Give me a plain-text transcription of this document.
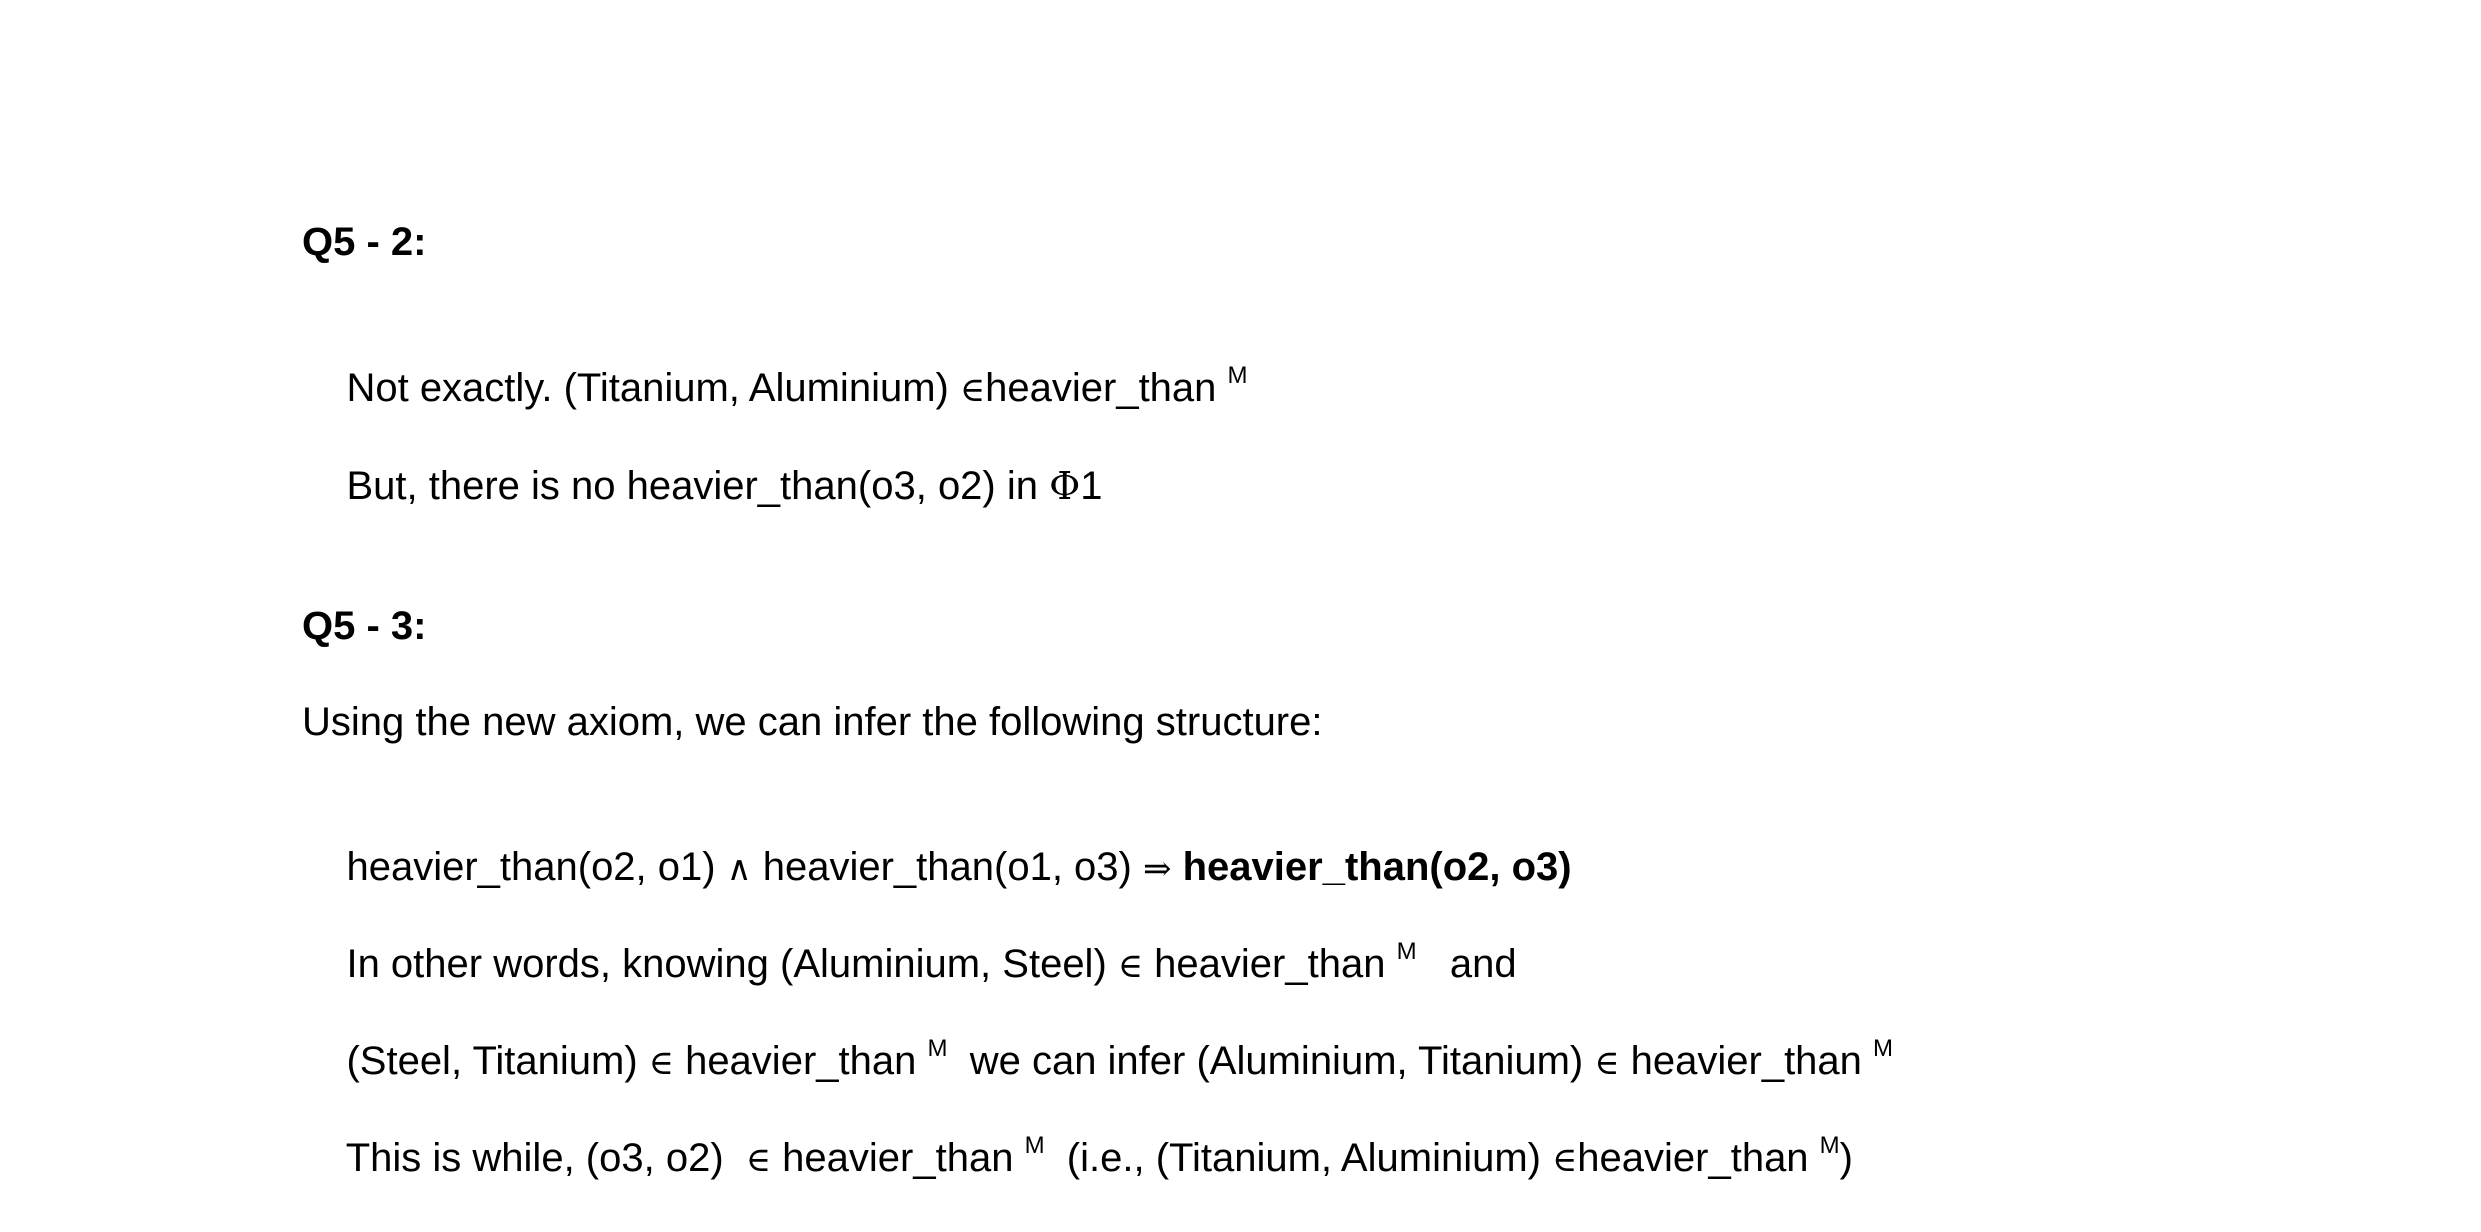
Q5 - 2:

Not exactly. (Titanium, Aluminium) ∈heavier_than $^M$

But, there is no heavier_than(o3, o2) in Φ1

Q5 - 3:
Using the new axiom, we can infer the following structure:

heavier_than(o2, o1) ∧ heavier_than(o1, o3) ⇒ heavier_than(o2, o3)

In other words, knowing (Aluminium, Steel) ∈ heavier_than $^M$   and

(Steel, Titanium) ∈ heavier_than $^M$  we can infer (Aluminium, Titanium) ∈ heavier_than $^M$

This is while, (o3, o2)  ∈ heavier_than $^M$  (i.e., (Titanium, Aluminium) ∈heavier_than $^M$)
